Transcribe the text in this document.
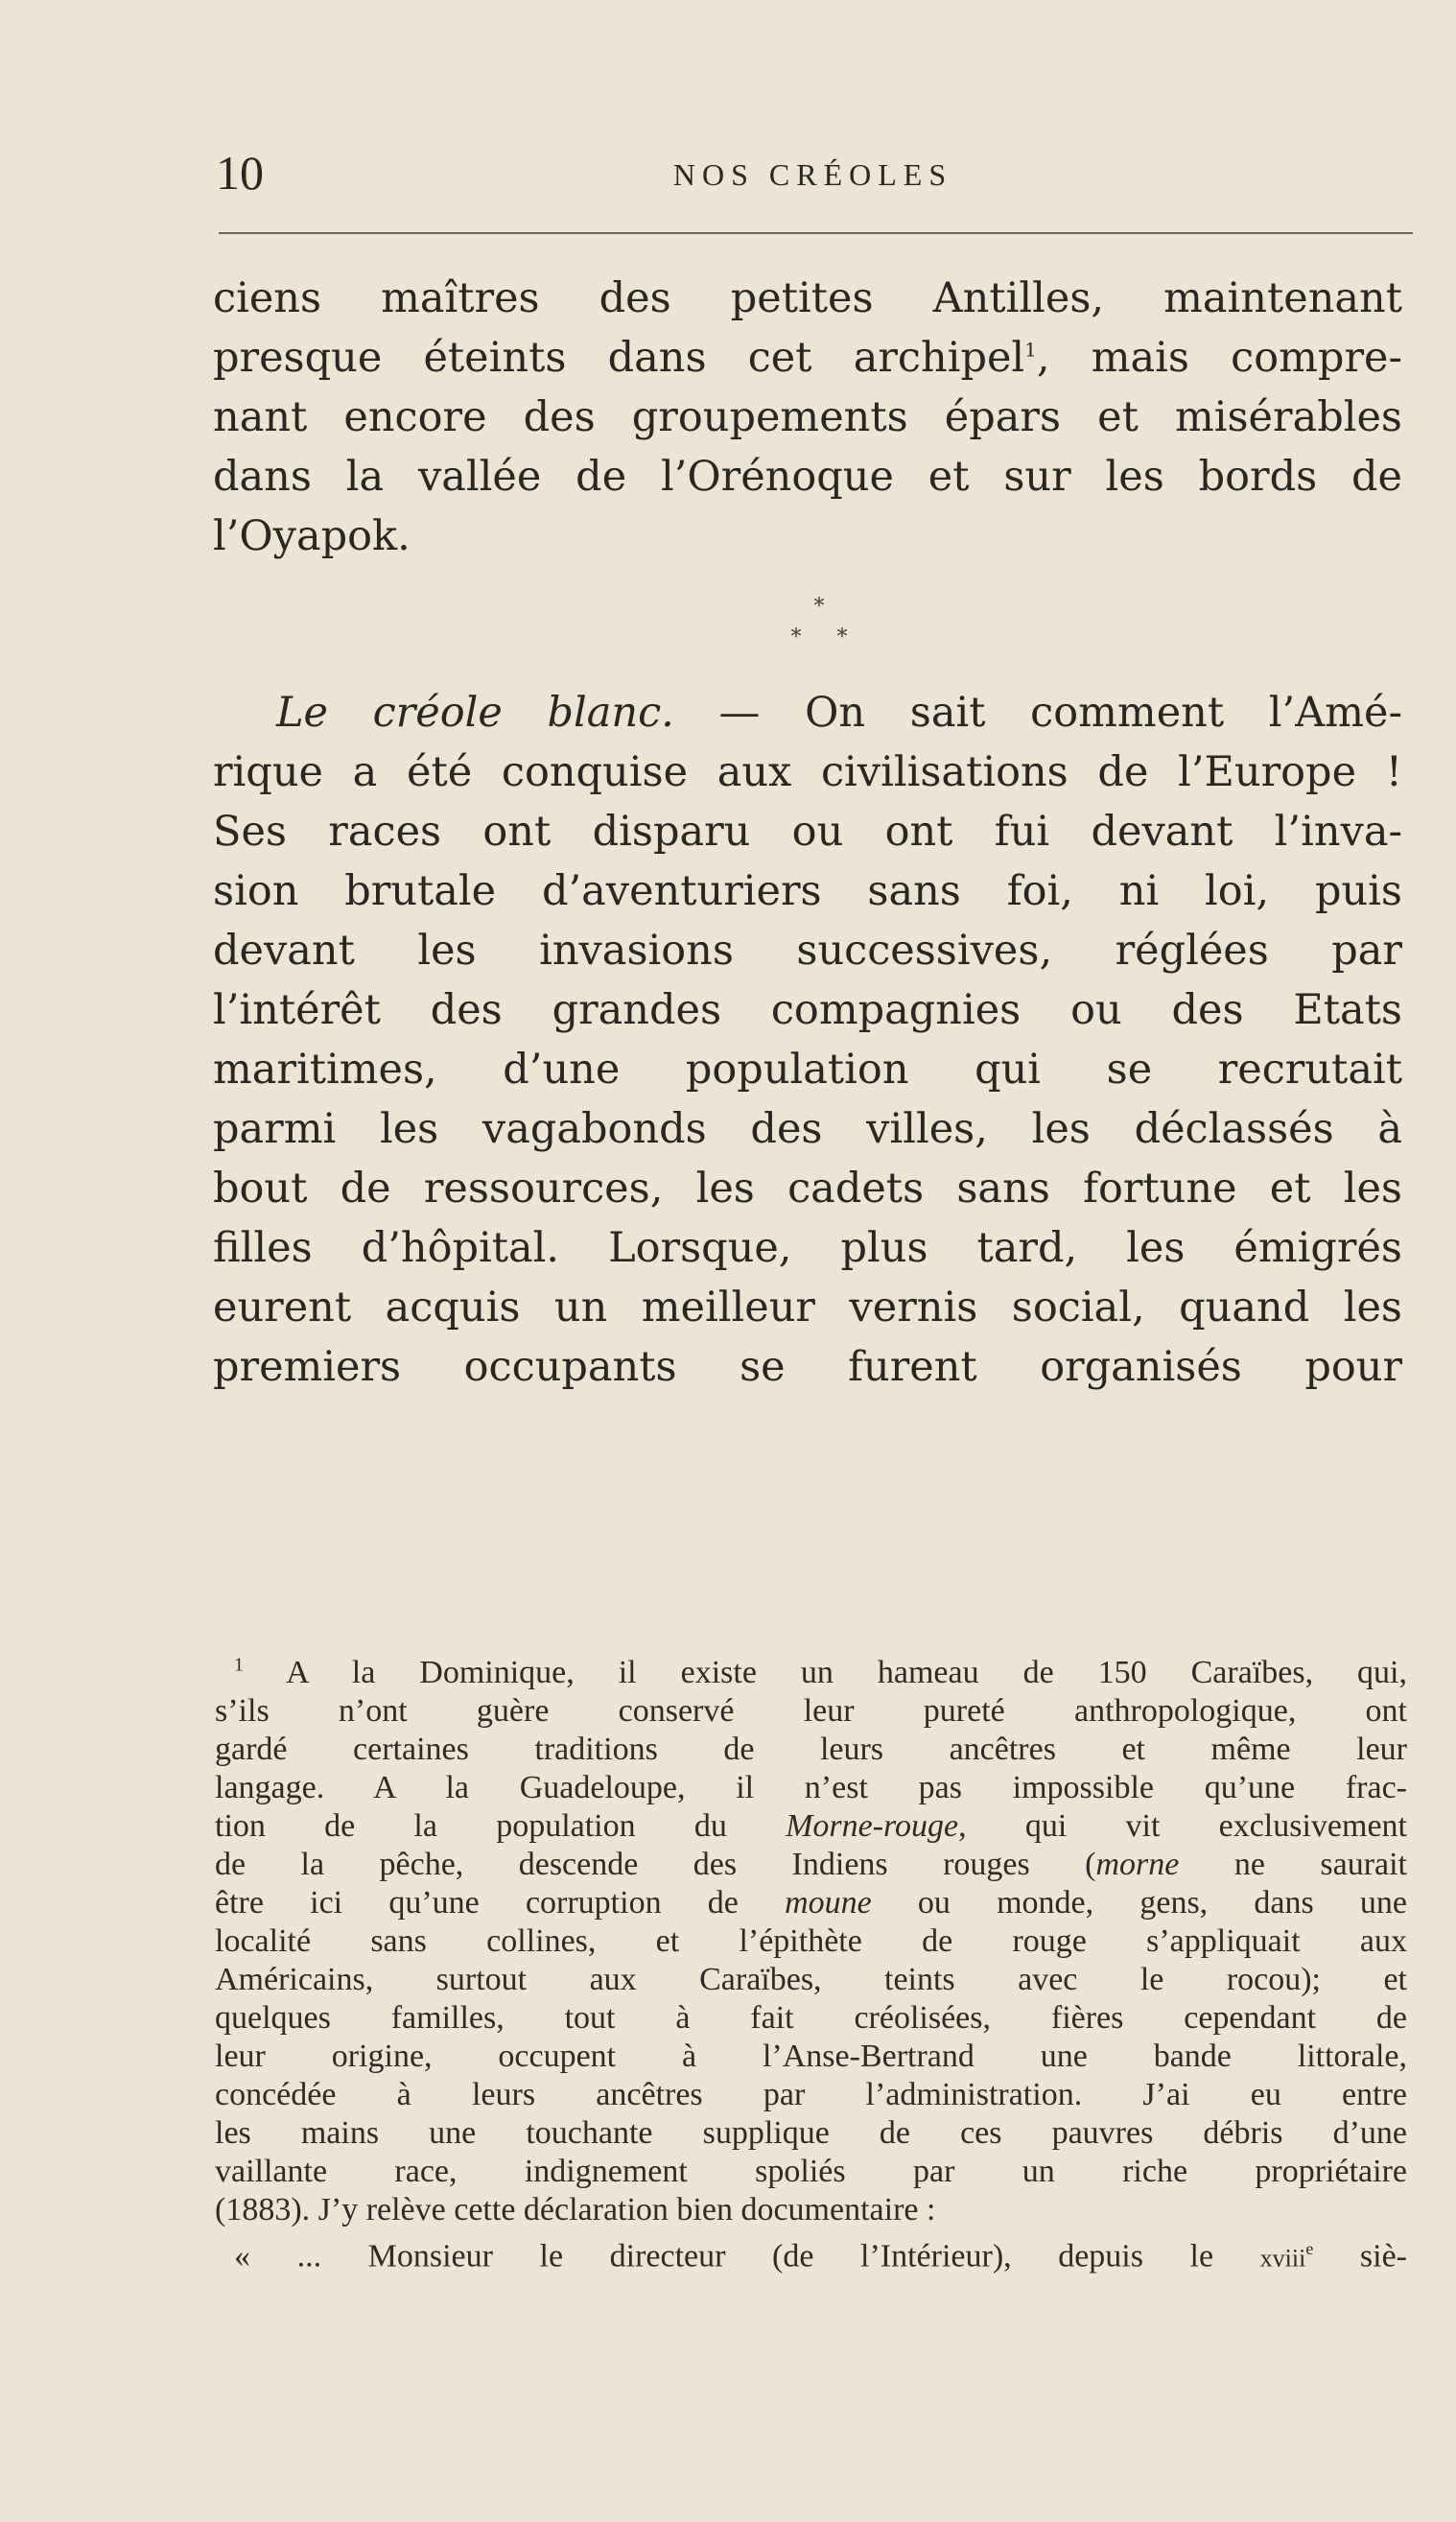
10	NOS CRÉOLES
ciens maîtres des petites Antilles, maintenant
presque éteints dans cet archipel$^1$, mais compre-
nant encore des groupements épars et misérables
dans la vallée de l’Orénoque et sur les bords de
l’Oyapok.
*
* *
Le créole blanc. — On sait comment l’Amé-
rique a été conquise aux civilisations de l’Europe !
Ses races ont disparu ou ont fui devant l’inva-
sion brutale d’aventuriers sans foi, ni loi, puis
devant les invasions successives, réglées par
l’intérêt des grandes compagnies ou des Etats
maritimes, d’une population qui se recrutait
parmi les vagabonds des villes, les déclassés à
bout de ressources, les cadets sans fortune et les
filles d’hôpital. Lorsque, plus tard, les émigrés
eurent acquis un meilleur vernis social, quand les
premiers occupants se furent organisés pour
$^1$ A la Dominique, il existe un hameau de 150 Caraïbes, qui,
s’ils n’ont guère conservé leur pureté anthropologique, ont
gardé certaines traditions de leurs ancêtres et même leur
langage. A la Guadeloupe, il n’est pas impossible qu’une frac-
tion de la population du Morne-rouge, qui vit exclusivement
de la pêche, descende des Indiens rouges (morne ne saurait
être ici qu’une corruption de moune ou monde, gens, dans une
localité sans collines, et l’épithète de rouge s’appliquait aux
Américains, surtout aux Caraïbes, teints avec le rocou); et
quelques familles, tout à fait créolisées, fières cependant de
leur origine, occupent à l’Anse-Bertrand une bande littorale,
concédée à leurs ancêtres par l’administration. J’ai eu entre
les mains une touchante supplique de ces pauvres débris d’une
vaillante race, indignement spoliés par un riche propriétaire
(1883). J’y relève cette déclaration bien documentaire :
« ... Monsieur le directeur (de l’Intérieur), depuis le xviii$^e$ siè-
